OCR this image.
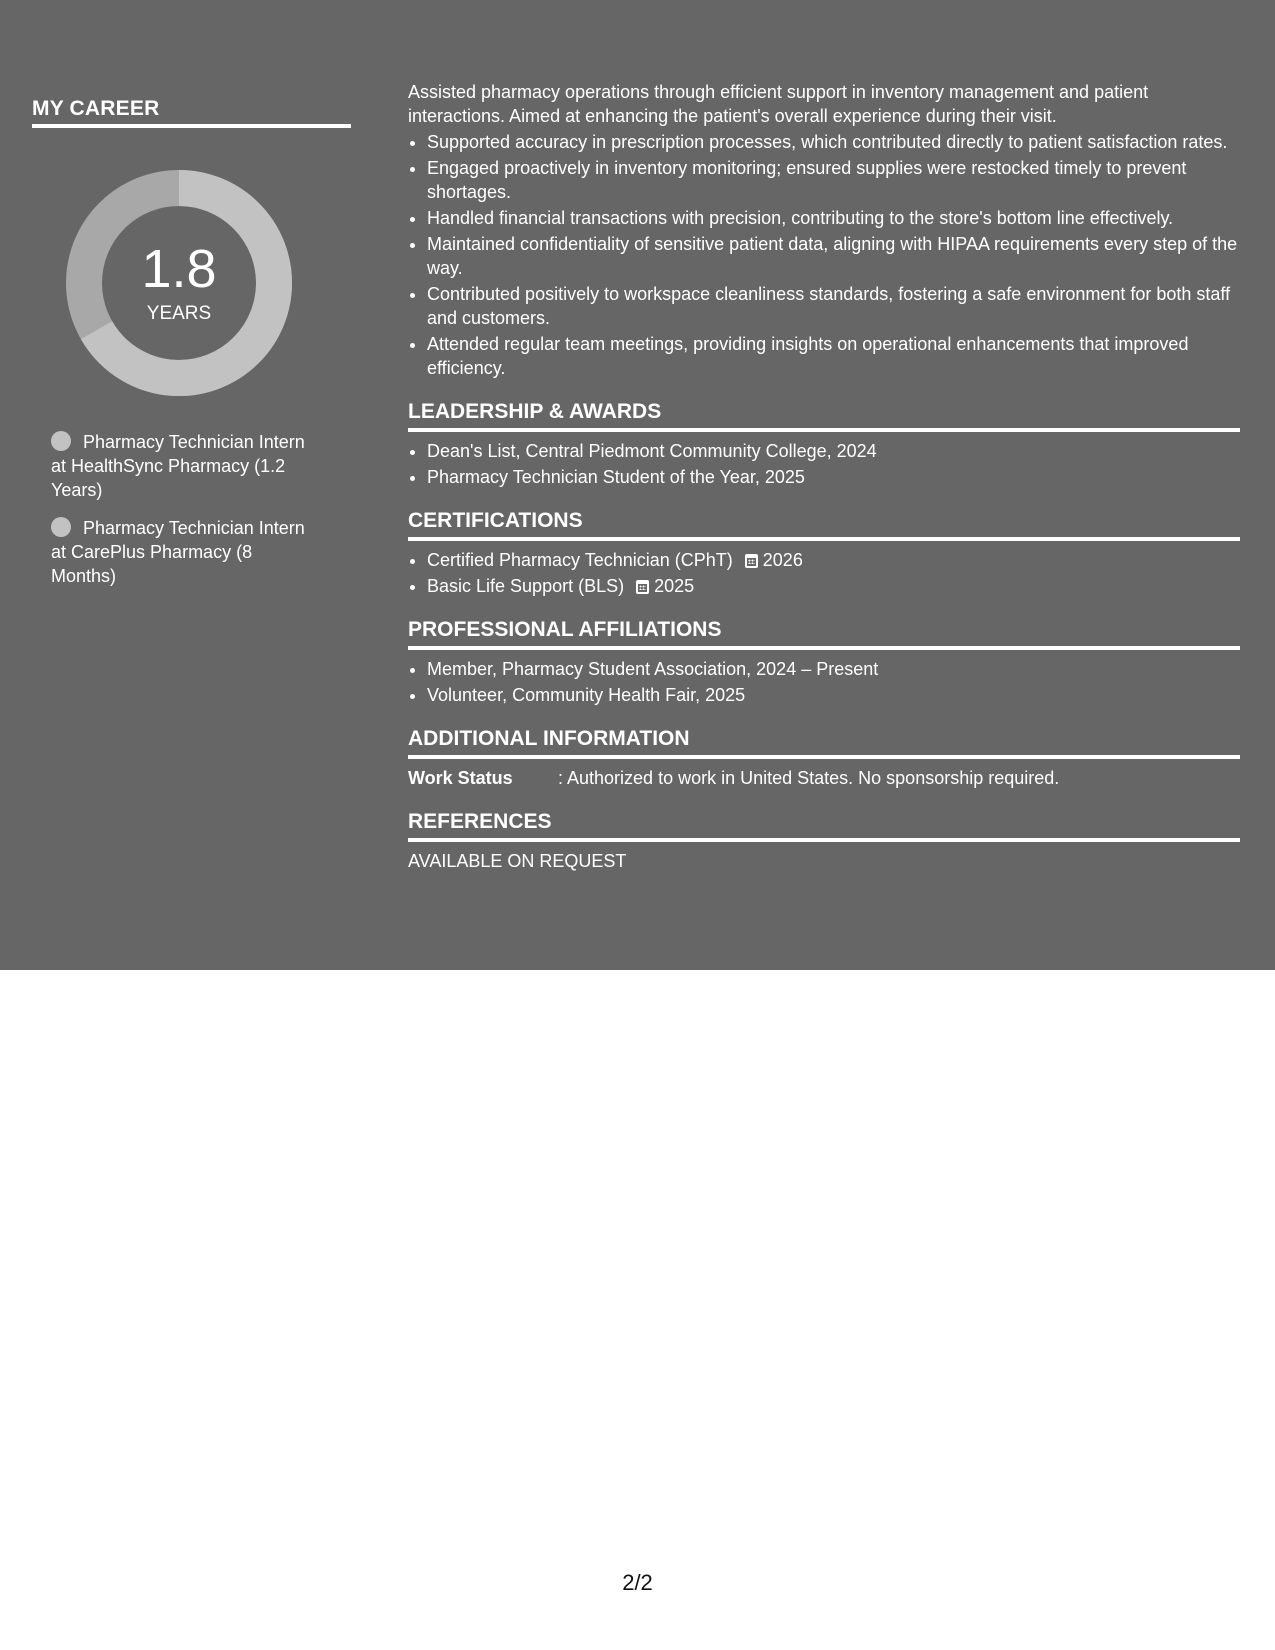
MY CAREER
1.8
YEARS
Pharmacy Technician Intern at HealthSync Pharmacy (1.2 Years)
Pharmacy Technician Intern at CarePlus Pharmacy (8 Months)

Assisted pharmacy operations through efficient support in inventory management and patient interactions. Aimed at enhancing the patient's overall experience during their visit.

• Supported accuracy in prescription processes, which contributed directly to patient satisfaction rates.
• Engaged proactively in inventory monitoring; ensured supplies were restocked timely to prevent shortages.
• Handled financial transactions with precision, contributing to the store's bottom line effectively.
• Maintained confidentiality of sensitive patient data, aligning with HIPAA requirements every step of the way.
• Contributed positively to workspace cleanliness standards, fostering a safe environment for both staff and customers.
• Attended regular team meetings, providing insights on operational enhancements that improved efficiency.
LEADERSHIP & AWARDS
• Dean's List, Central Piedmont Community College, 2024
• Pharmacy Technician Student of the Year, 2025
CERTIFICATIONS
• Certified Pharmacy Technician (CPhT) 2026
• Basic Life Support (BLS) 2025
PROFESSIONAL AFFILIATIONS
• Member, Pharmacy Student Association, 2024 – Present
• Volunteer, Community Health Fair, 2025
ADDITIONAL INFORMATION
Work Status	: Authorized to work in United States. No sponsorship required.
REFERENCES

AVAILABLE ON REQUEST

2/2
